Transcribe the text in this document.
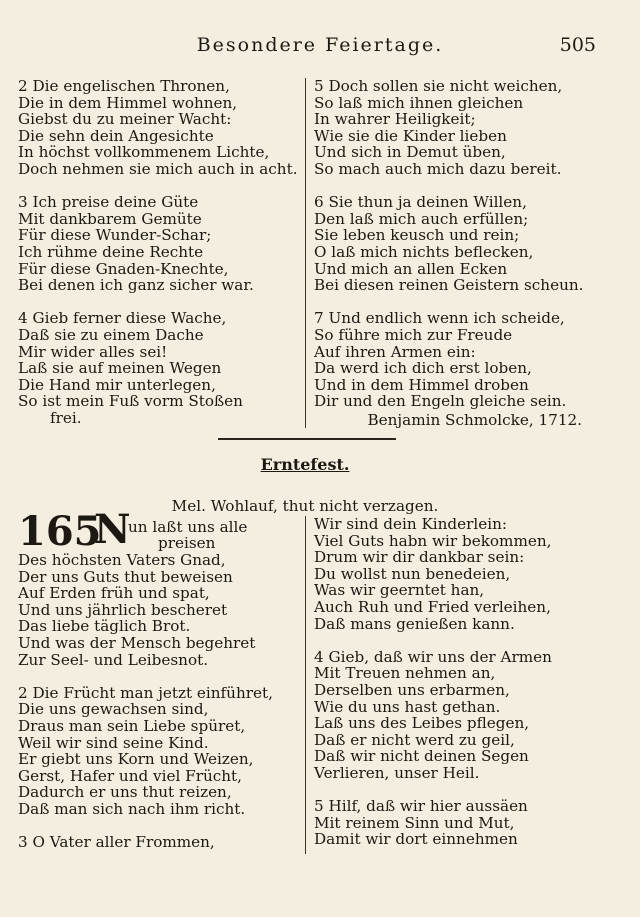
Besondere Feiertage.	505
2 Die engelischen Thronen,
Die in dem Himmel wohnen,
Giebst du zu meiner Wacht:
Die sehn dein Angesichte
In höchst vollkommenem Lichte,
Doch nehmen sie mich auch in acht.
3 Ich preise deine Güte
Mit dankbarem Gemüte
Für diese Wunder-Schar;
Ich rühme deine Rechte
Für diese Gnaden-Knechte,
Bei denen ich ganz sicher war.
4 Gieb ferner diese Wache,
Daß sie zu einem Dache
Mir wider alles sei!
Laß sie auf meinen Wegen
Die Hand mir unterlegen,
So ist mein Fuß vorm Stoßen
frei.
5 Doch sollen sie nicht weichen,
So laß mich ihnen gleichen
In wahrer Heiligkeit;
Wie sie die Kinder lieben
Und sich in Demut üben,
So mach auch mich dazu bereit.
6 Sie thun ja deinen Willen,
Den laß mich auch erfüllen;
Sie leben keusch und rein;
O laß mich nichts beflecken,
Und mich an allen Ecken
Bei diesen reinen Geistern scheun.
7 Und endlich wenn ich scheide,
So führe mich zur Freude
Auf ihren Armen ein:
Da werd ich dich erst loben,
Und in dem Himmel droben
Dir und den Engeln gleiche sein.
Benjamin Schmolcke, 1712.
Erntefest.
Mel. Wohlauf, thut nicht verzagen.
165
N
un laßt uns alle
preisen
Des höchsten Vaters Gnad,
Der uns Guts thut beweisen
Auf Erden früh und spat,
Und uns jährlich bescheret
Das liebe täglich Brot.
Und was der Mensch begehret
Zur Seel- und Leibesnot.
2 Die Frücht man jetzt einführet,
Die uns gewachsen sind,
Draus man sein Liebe spüret,
Weil wir sind seine Kind.
Er giebt uns Korn und Weizen,
Gerst, Hafer und viel Frücht,
Dadurch er uns thut reizen,
Daß man sich nach ihm richt.
3 O Vater aller Frommen,
Wir sind dein Kinderlein:
Viel Guts habn wir bekommen,
Drum wir dir dankbar sein:
Du wollst nun benedeien,
Was wir geerntet han,
Auch Ruh und Fried verleihen,
Daß mans genießen kann.
4 Gieb, daß wir uns der Armen
Mit Treuen nehmen an,
Derselben uns erbarmen,
Wie du uns hast gethan.
Laß uns des Leibes pflegen,
Daß er nicht werd zu geil,
Daß wir nicht deinen Segen
Verlieren, unser Heil.
5 Hilf, daß wir hier aussäen
Mit reinem Sinn und Mut,
Damit wir dort einnehmen
